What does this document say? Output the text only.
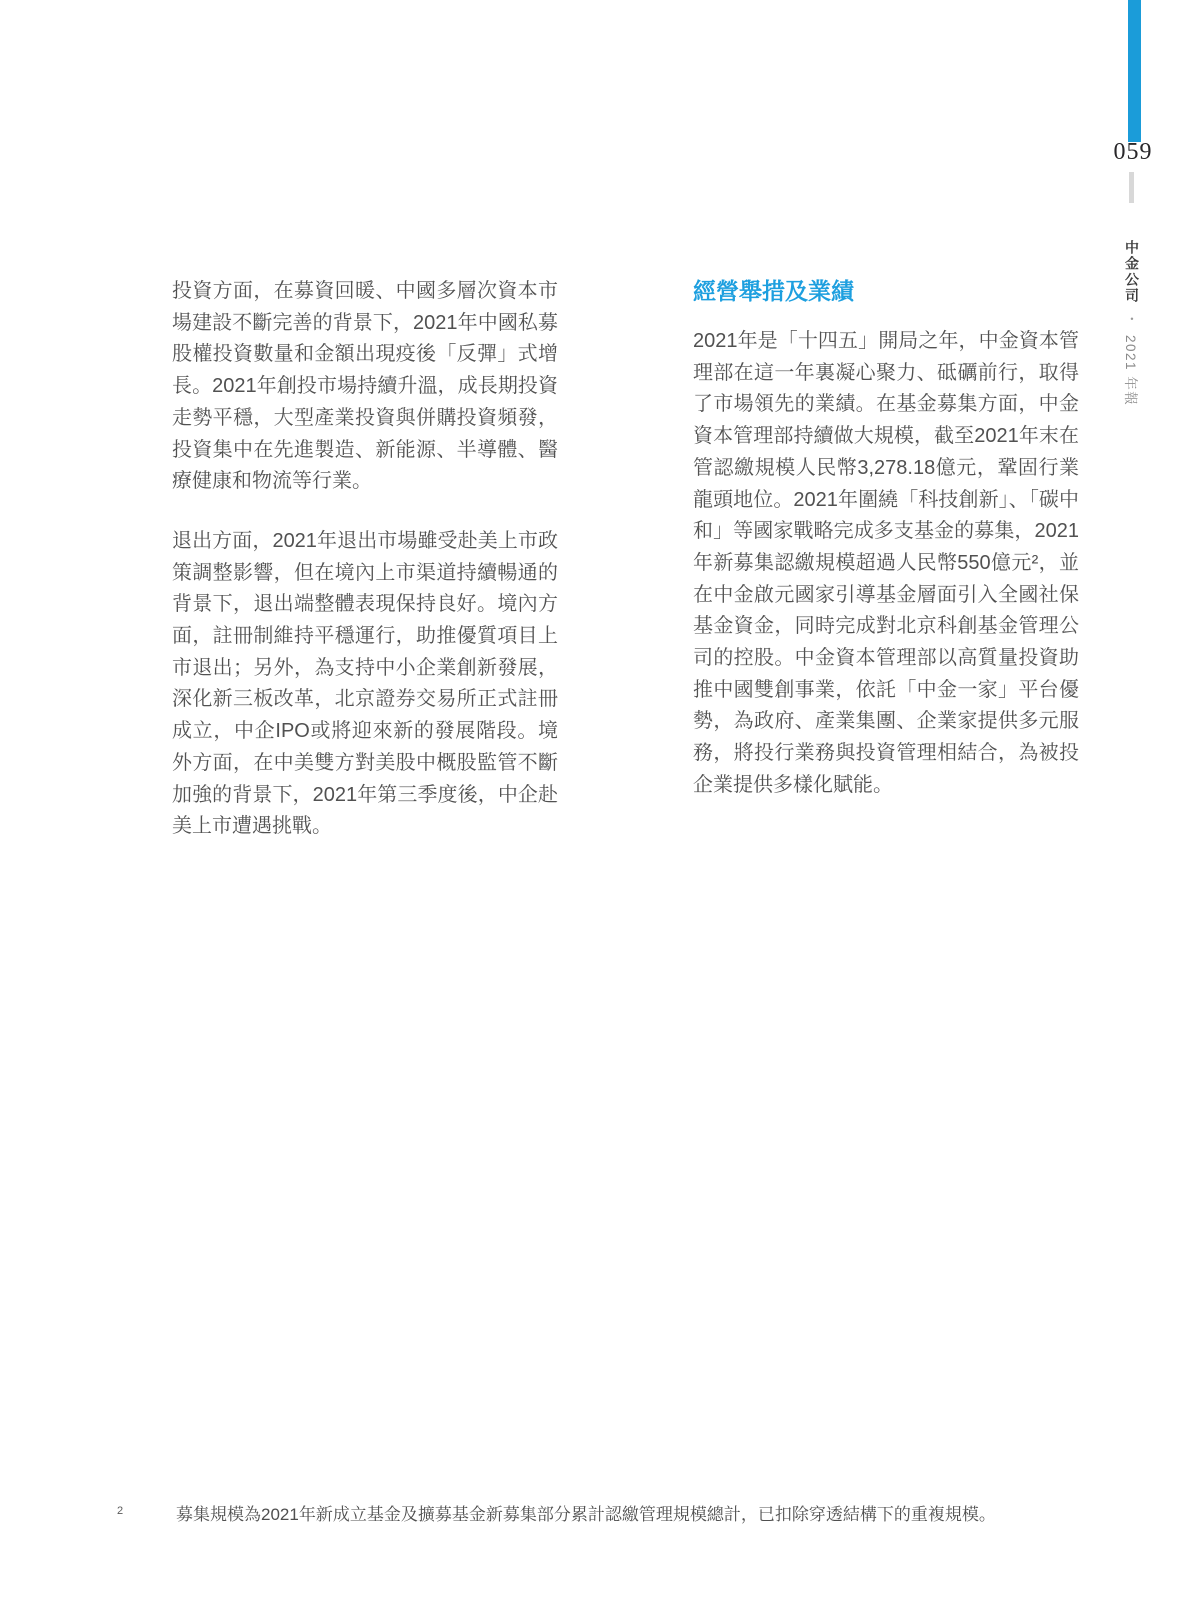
059
中金公司
•
2021 年報

投資方面，在募資回暖、中國多層次資本市場建設不斷完善的背景下，2021年中國私募股權投資數量和金額出現疫後「反彈」式增長。2021年創投市場持續升溫，成長期投資走勢平穩，大型產業投資與併購投資頻發，投資集中在先進製造、新能源、半導體、醫療健康和物流等行業。

退出方面，2021年退出市場雖受赴美上市政策調整影響，但在境內上市渠道持續暢通的背景下，退出端整體表現保持良好。境內方面，註冊制維持平穩運行，助推優質項目上市退出；另外，為支持中小企業創新發展，深化新三板改革，北京證券交易所正式註冊成立，中企IPO或將迎來新的發展階段。境外方面，在中美雙方對美股中概股監管不斷加強的背景下，2021年第三季度後，中企赴美上市遭遇挑戰。

經營舉措及業績

2021年是「十四五」開局之年，中金資本管理部在這一年裏凝心聚力、砥礪前行，取得了市場領先的業績。在基金募集方面，中金資本管理部持續做大規模，截至2021年末在管認繳規模人民幣3,278.18億元，鞏固行業龍頭地位。2021年圍繞「科技創新」、「碳中和」等國家戰略完成多支基金的募集，2021年新募集認繳規模超過人民幣550億元²，並在中金啟元國家引導基金層面引入全國社保基金資金，同時完成對北京科創基金管理公司的控股。中金資本管理部以高質量投資助推中國雙創事業，依託「中金一家」平台優勢，為政府、產業集團、企業家提供多元服務，將投行業務與投資管理相結合，為被投企業提供多樣化賦能。

2	募集規模為2021年新成立基金及擴募基金新募集部分累計認繳管理規模總計，已扣除穿透結構下的重複規模。
